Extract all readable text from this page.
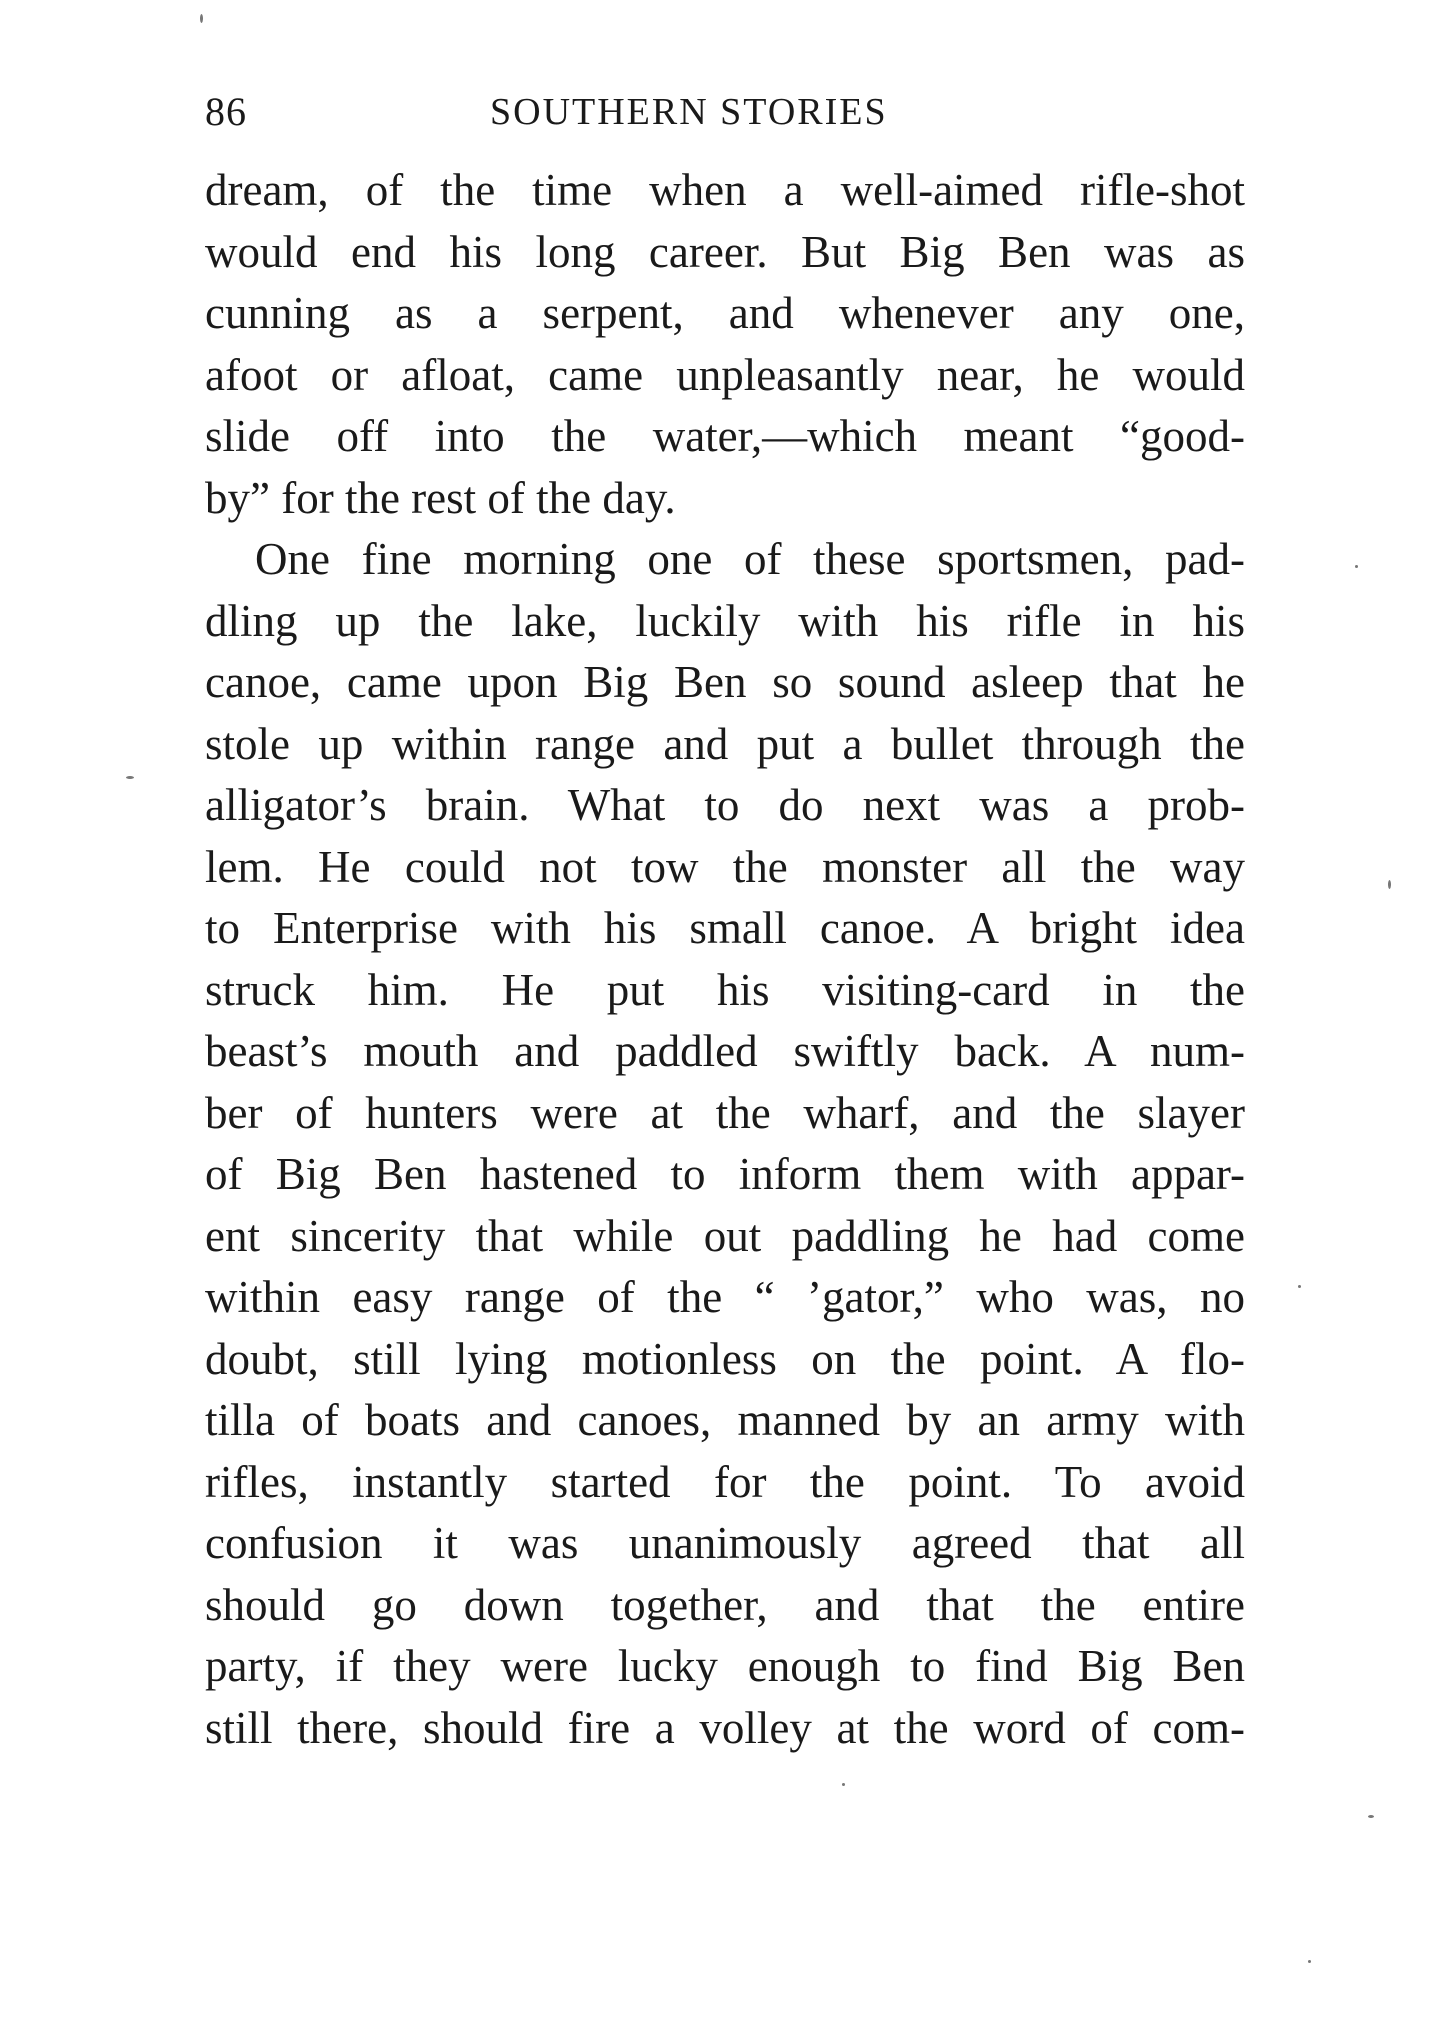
86	SOUTHERN STORIES
dream, of the time when a well-aimed rifle-shot
would end his long career. But Big Ben was as
cunning as a serpent, and whenever any one,
afoot or afloat, came unpleasantly near, he would
slide off into the water,—which meant “good-
by” for the rest of the day.
One fine morning one of these sportsmen, pad-
dling up the lake, luckily with his rifle in his
canoe, came upon Big Ben so sound asleep that he
stole up within range and put a bullet through the
alligator’s brain. What to do next was a prob-
lem. He could not tow the monster all the way
to Enterprise with his small canoe. A bright idea
struck him. He put his visiting-card in the
beast’s mouth and paddled swiftly back. A num-
ber of hunters were at the wharf, and the slayer
of Big Ben hastened to inform them with appar-
ent sincerity that while out paddling he had come
within easy range of the “ ’gator,” who was, no
doubt, still lying motionless on the point. A flo-
tilla of boats and canoes, manned by an army with
rifles, instantly started for the point. To avoid
confusion it was unanimously agreed that all
should go down together, and that the entire
party, if they were lucky enough to find Big Ben
still there, should fire a volley at the word of com-
